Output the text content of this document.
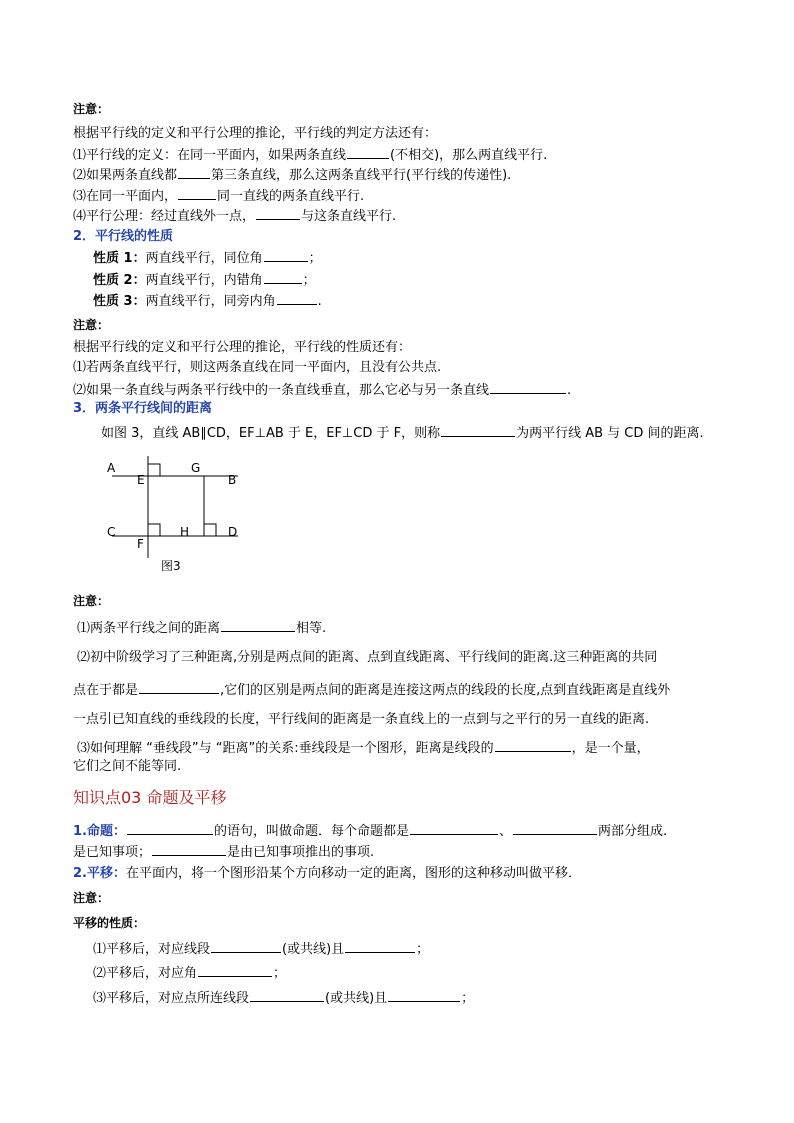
注意：
根据平行线的定义和平行公理的推论，平行线的判定方法还有：
⑴平行线的定义：在同一平面内，如果两条直线	(不相交)，那么两直线平行.
⑵如果两条直线都	第三条直线，那么这两条直线平行(平行线的传递性).
⑶在同一平面内，	同一直线的两条直线平行.
⑷平行公理：经过直线外一点，	与这条直线平行.
2．平行线的性质
性质 1：两直线平行，同位角	；
性质 2：两直线平行，内错角	；
性质 3：两直线平行，同旁内角	.
注意：
根据平行线的定义和平行公理的推论，平行线的性质还有：
⑴若两条直线平行，则这两条直线在同一平面内，且没有公共点.
⑵如果一条直线与两条平行线中的一条直线垂直，那么它必与另一条直线	.
3．两条平行线间的距离
如图 3，直线 AB∥CD，EF⊥AB 于 E，EF⊥CD 于 F，则称	为两平行线 AB 与 CD 间的距离.
A
B
C	D
E
F
G
H
图3
注意：
⑴两条平行线之间的距离	相等.
⑵初中阶级学习了三种距离,分别是两点间的距离、点到直线距离、平行线间的距离.这三种距离的共同
点在于都是	,它们的区别是两点间的距离是连接这两点的线段的长度,点到直线距离是直线外
一点引已知直线的垂线段的长度，平行线间的距离是一条直线上的一点到与之平行的另一直线的距离.
⑶如何理解 “垂线段”与 “距离”的关系:垂线段是一个图形，距离是线段的	，是一个量，
它们之间不能等同.
知识点03 命题及平移
1.命题：	的语句，叫做命题．每个命题都是	、	两部分组成.
是已知事项；	是由已知事项推出的事项.
2.平移：在平面内，将一个图形沿某个方向移动一定的距离，图形的这种移动叫做平移．
注意：
平移的性质：
⑴平移后，对应线段	(或共线)且	；
⑵平移后，对应角	；
⑶平移后，对应点所连线段	(或共线)且	；
